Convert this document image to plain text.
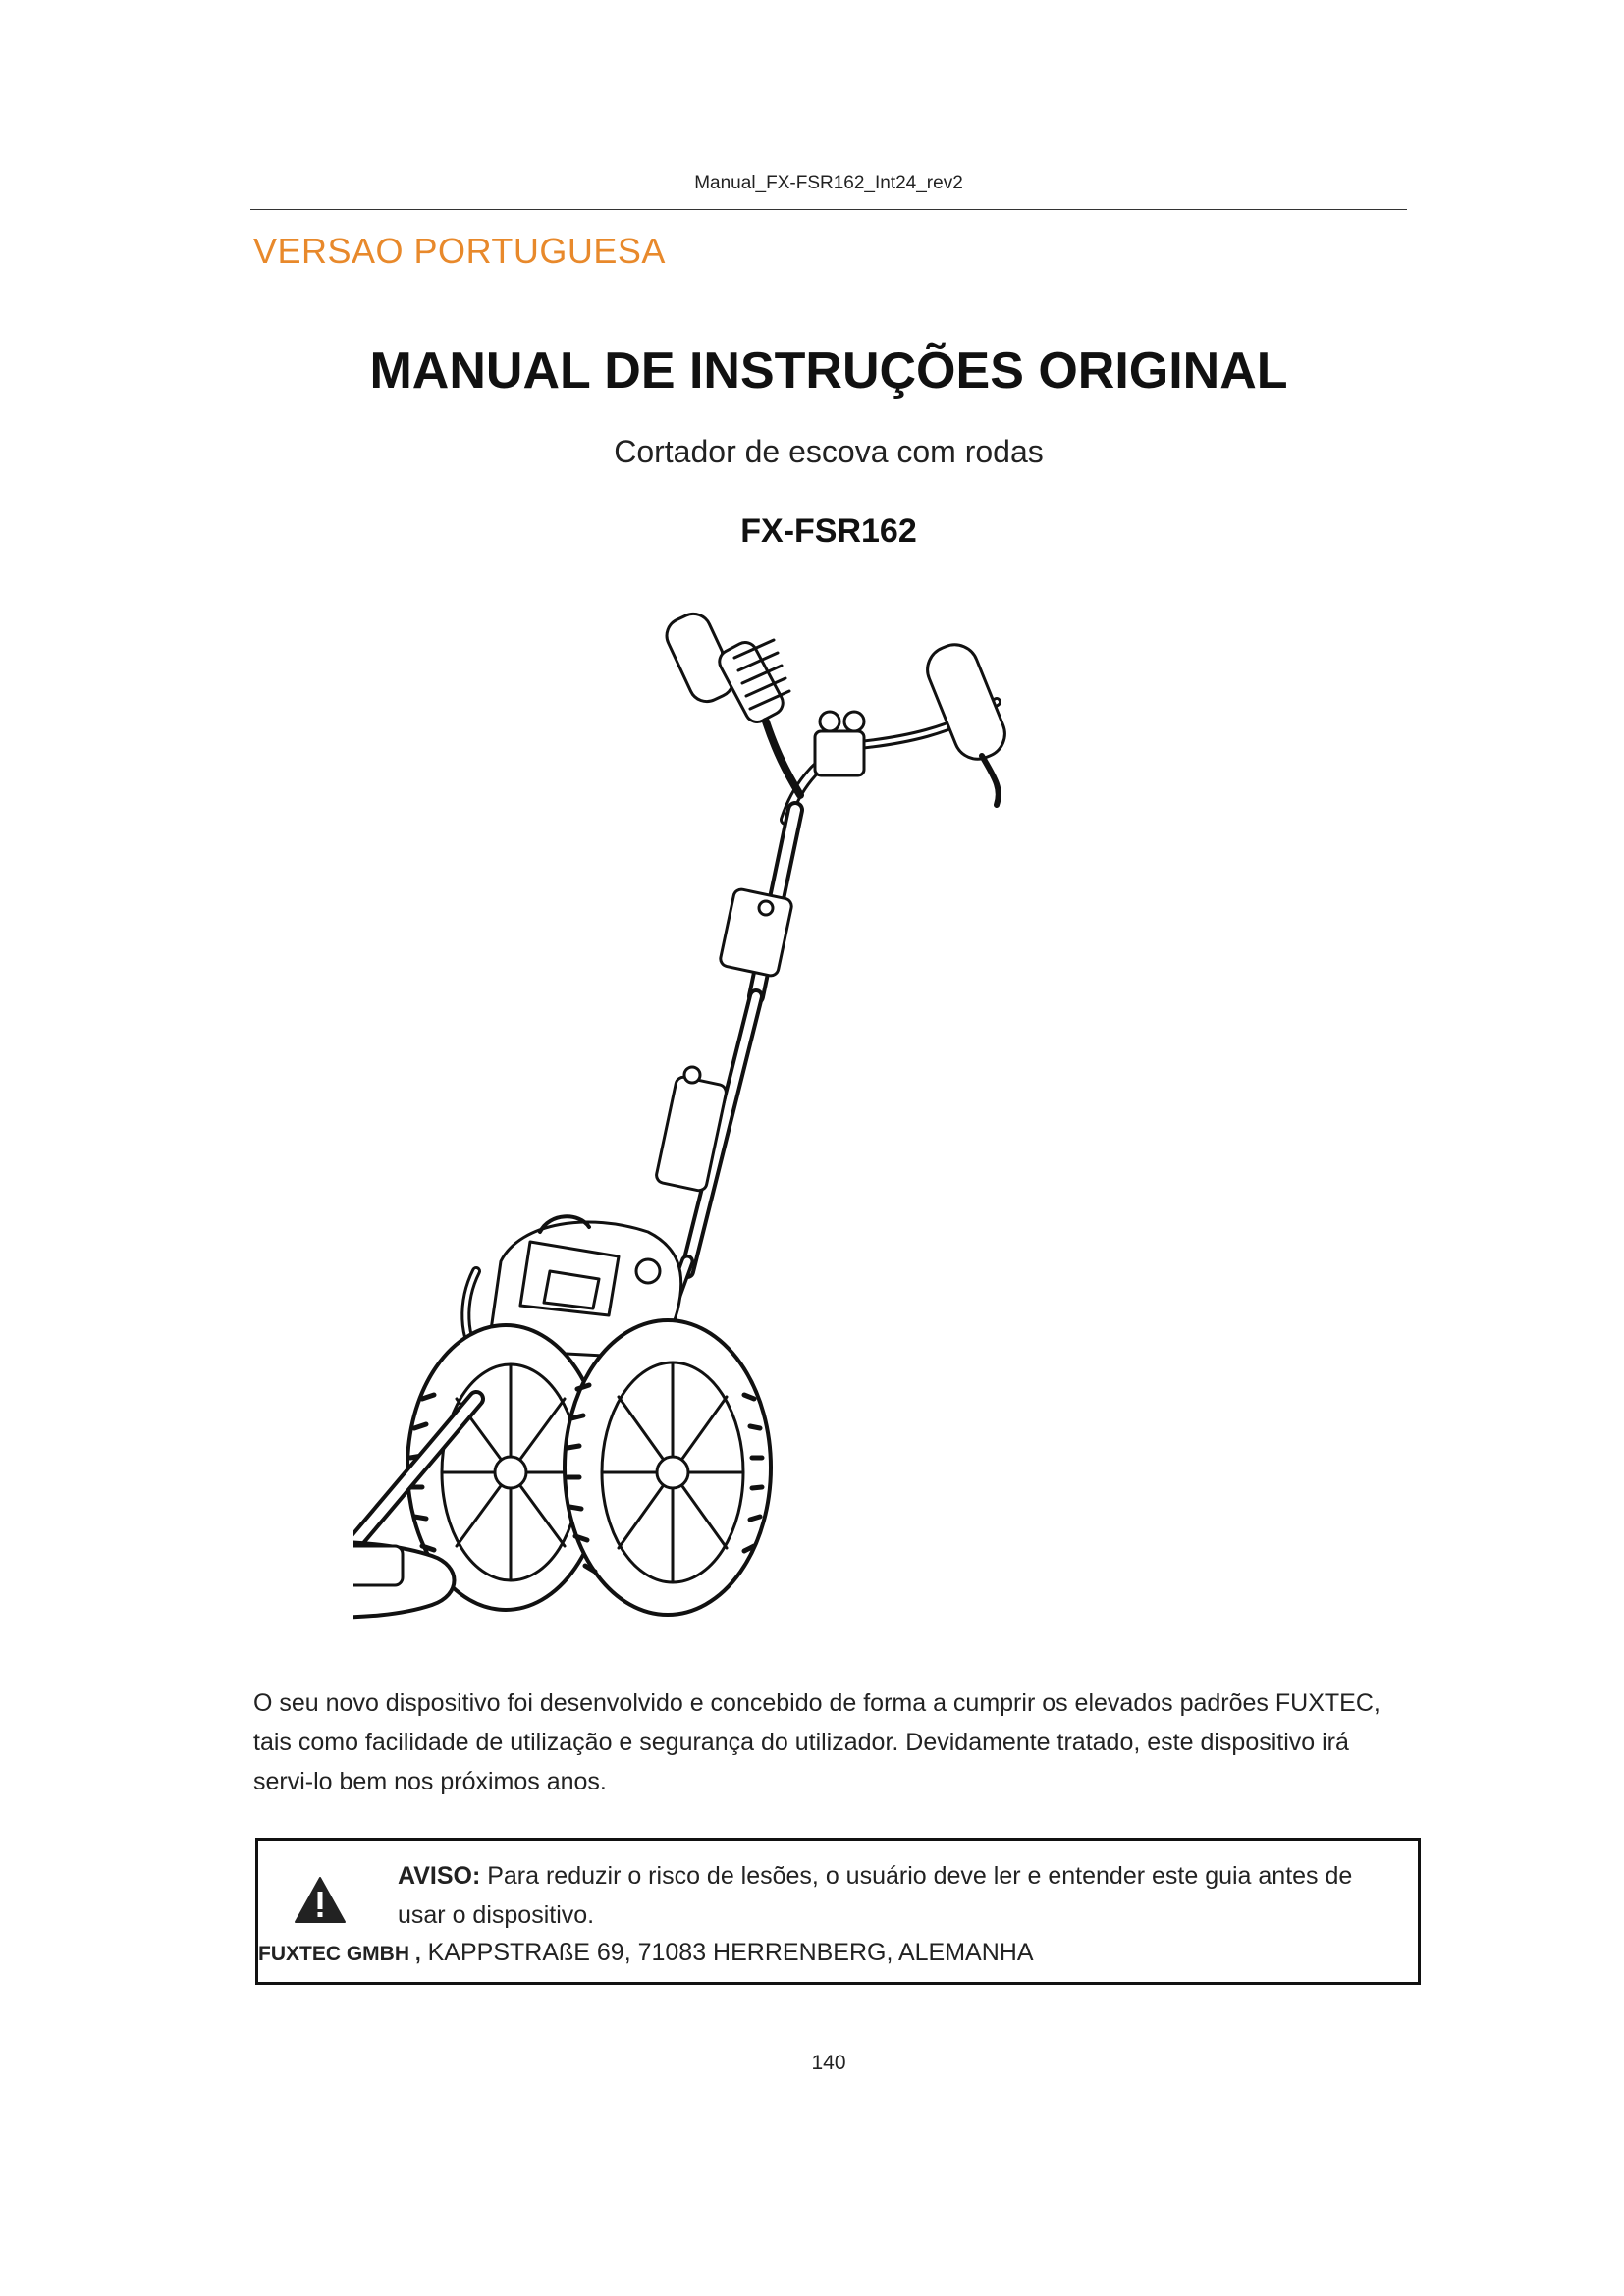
Manual_FX-FSR162_Int24_rev2
VERSAO PORTUGUESA
MANUAL DE INSTRUÇÕES ORIGINAL
Cortador de escova com rodas
FX-FSR162
O seu novo dispositivo foi desenvolvido e concebido de forma a cumprir os elevados padrões FUXTEC, tais como facilidade de utilização e segurança do utilizador. Devidamente tratado, este dispositivo irá servi-lo bem nos próximos anos.
AVISO: Para reduzir o risco de lesões, o usuário deve ler e entender este guia antes de usar o dispositivo.
FUXTEC GMBH , KAPPSTRAßE 69, 71083 HERRENBERG, ALEMANHA
140
